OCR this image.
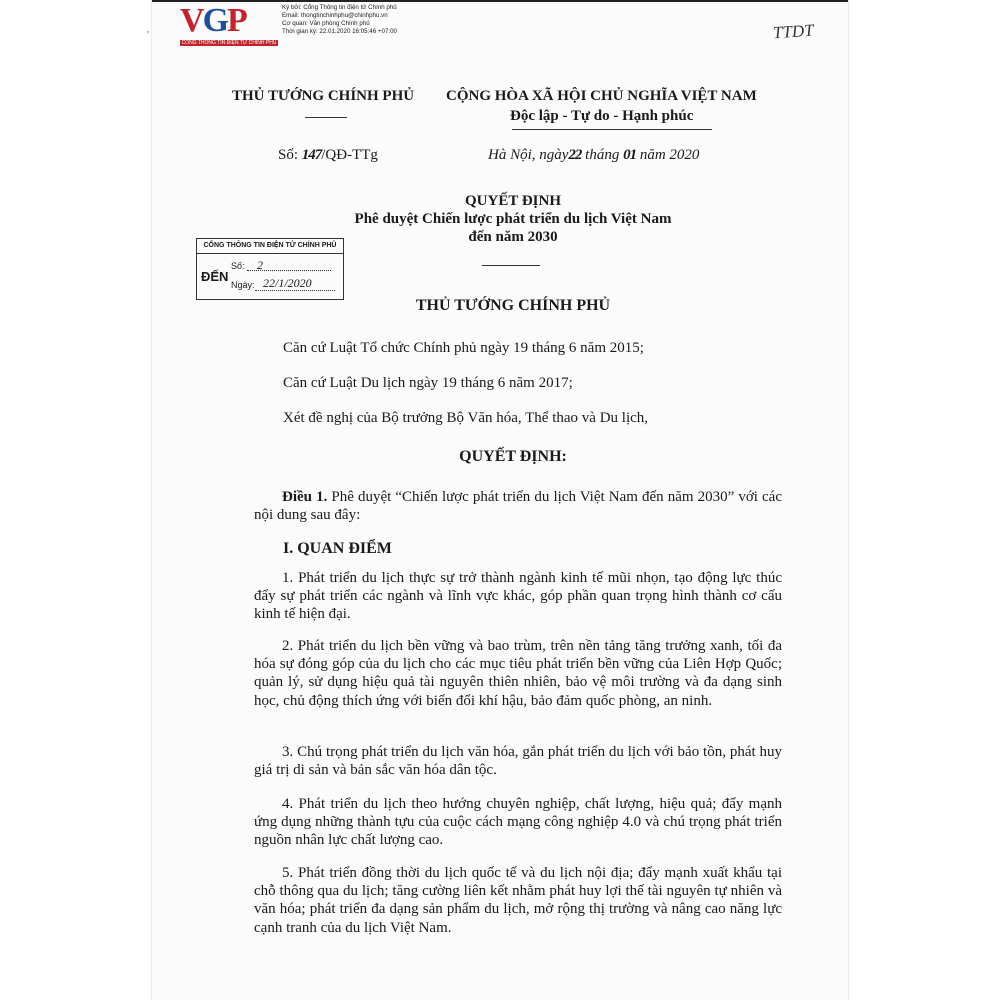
' VGP
CỔNG THÔNG TIN ĐIỆN TỬ CHÍNH PHỦ
Ký bởi: Cổng Thông tin điện tử Chính phủ
Email: thongtinchinhphu@chinhphu.vn
Cơ quan: Văn phòng Chính phủ
Thời gian ký: 22.01.2020 16:05:46 +07:00	TTDT
THỦ TƯỚNG CHÍNH PHỦ CỘNG HÒA XÃ HỘI CHỦ NGHĨA VIỆT NAM
Độc lập - Tự do - Hạnh phúc
Số: 147/QĐ-TTg	Hà Nội, ngày22 tháng 01 năm 2020
QUYẾT ĐỊNH
Phê duyệt Chiến lược phát triển du lịch Việt Nam
đến năm 2030
CỔNG THÔNG TIN ĐIỆN TỬ CHÍNH PHỦ
ĐẾN
Số: 2
Ngày: 22/1/2020
THỦ TƯỚNG CHÍNH PHỦ
Căn cứ Luật Tổ chức Chính phủ ngày 19 tháng 6 năm 2015;
Căn cứ Luật Du lịch ngày 19 tháng 6 năm 2017;
Xét đề nghị của Bộ trưởng Bộ Văn hóa, Thể thao và Du lịch,
QUYẾT ĐỊNH:

Điều 1. Phê duyệt “Chiến lược phát triển du lịch Việt Nam đến năm 2030” với các nội dung sau đây:

I. QUAN ĐIỂM

1. Phát triển du lịch thực sự trở thành ngành kinh tế mũi nhọn, tạo động lực thúc đẩy sự phát triển các ngành và lĩnh vực khác, góp phần quan trọng hình thành cơ cấu kinh tế hiện đại.

2. Phát triển du lịch bền vững và bao trùm, trên nền tảng tăng trưởng xanh, tối đa hóa sự đóng góp của du lịch cho các mục tiêu phát triển bền vững của Liên Hợp Quốc; quản lý, sử dụng hiệu quả tài nguyên thiên nhiên, bảo vệ môi trường và đa dạng sinh học, chủ động thích ứng với biến đổi khí hậu, bảo đảm quốc phòng, an ninh.

3. Chú trọng phát triển du lịch văn hóa, gắn phát triển du lịch với bảo tồn, phát huy giá trị di sản và bản sắc văn hóa dân tộc.

4. Phát triển du lịch theo hướng chuyên nghiệp, chất lượng, hiệu quả; đẩy mạnh ứng dụng những thành tựu của cuộc cách mạng công nghiệp 4.0 và chú trọng phát triển nguồn nhân lực chất lượng cao.

5. Phát triển đồng thời du lịch quốc tế và du lịch nội địa; đẩy mạnh xuất khẩu tại chỗ thông qua du lịch; tăng cường liên kết nhằm phát huy lợi thế tài nguyên tự nhiên và văn hóa; phát triển đa dạng sản phẩm du lịch, mở rộng thị trường và nâng cao năng lực cạnh tranh của du lịch Việt Nam.
